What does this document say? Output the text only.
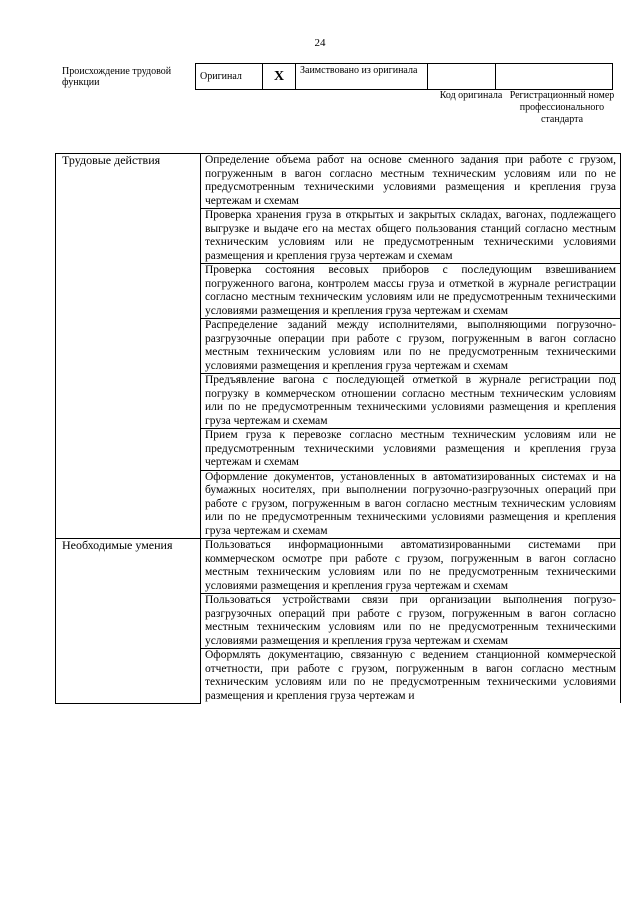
24
Происхождение трудовой функции
Оригинал	X	Заимствовано из оригинала		
Код оригинала Регистрационный номер профессионального стандарта
Трудовые действия	Определение объема работ на основе сменного задания при работе с грузом, погруженным в вагон согласно местным техническим условиям или по не предусмотренным техническими условиями размещения и крепления груза чертежам и схемам
	Проверка хранения груза в открытых и закрытых складах, вагонах, подлежащего выгрузке и выдаче его на местах общего пользования станций согласно местным техническим условиям или не предусмотренным техническими условиями размещения и крепления груза чертежам и схемам
	Проверка состояния весовых приборов с последующим взвешиванием погруженного вагона, контролем массы груза и отметкой в журнале регистрации согласно местным техническим условиям или не предусмотренным техническими условиями размещения и крепления груза чертежам и схемам
	Распределение заданий между исполнителями, выполняющими погрузочно-разгрузочные операции при работе с грузом, погруженным в вагон согласно местным техническим условиям или по не предусмотренным техническими условиями размещения и крепления груза чертежам и схемам
	Предъявление вагона с последующей отметкой в журнале регистрации под погрузку в коммерческом отношении согласно местным техническим условиям или по не предусмотренным техническими условиями размещения и крепления груза чертежам и схемам
	Прием груза к перевозке согласно местным техническим условиям или не предусмотренным техническими условиями размещения и крепления груза чертежам и схемам
	Оформление документов, установленных в автоматизированных системах и на бумажных носителях, при выполнении погрузочно-разгрузочных операций при работе с грузом, погруженным в вагон согласно местным техническим условиям или по не предусмотренным техническими условиями размещения и крепления груза чертежам и схемам
Необходимые умения	Пользоваться информационными автоматизированными системами при коммерческом осмотре при работе с грузом, погруженным в вагон согласно местным техническим условиям или по не предусмотренным техническими условиями размещения и крепления груза чертежам и схемам
	Пользоваться устройствами связи при организации выполнения погрузо-разгрузочных операций при работе с грузом, погруженным в вагон согласно местным техническим условиям или по не предусмотренным техническими условиями размещения и крепления груза чертежам и схемам
	Оформлять документацию, связанную с ведением станционной коммерческой отчетности, при работе с грузом, погруженным в вагон согласно местным техническим условиям или по не предусмотренным техническими условиями размещения и крепления груза чертежам и
